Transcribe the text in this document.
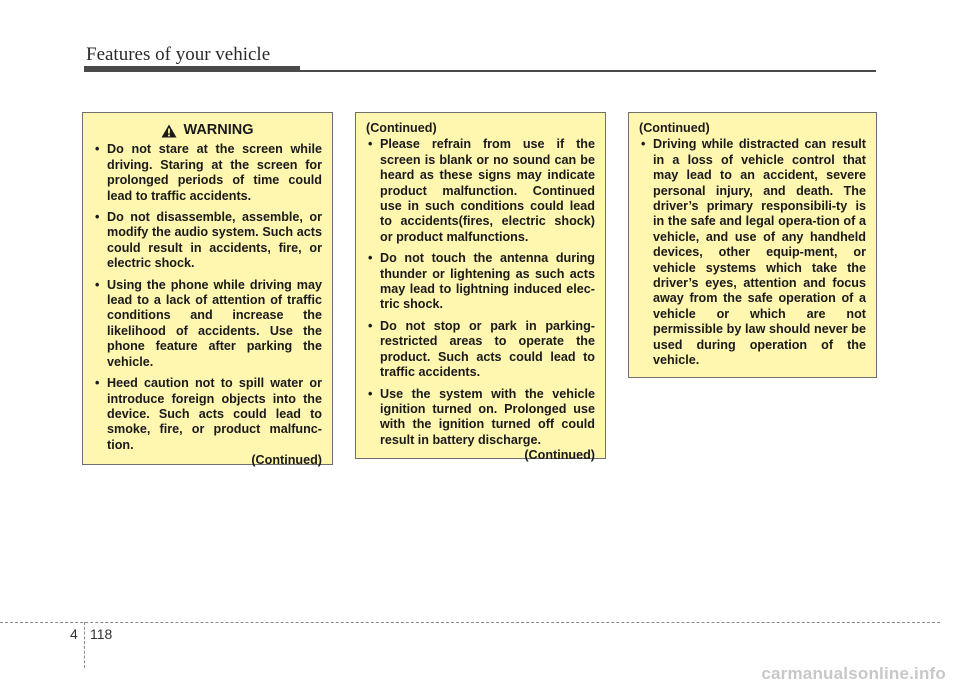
Features of your vehicle
WARNING
• Do not stare at the screen while driving. Staring at the screen for prolonged periods of time could lead to traffic accidents.
• Do not disassemble, assemble, or modify the audio system. Such acts could result in accidents, fire, or electric shock.
• Using the phone while driving may lead to a lack of attention of traffic conditions and increase the likelihood of accidents. Use the phone feature after parking the vehicle.
• Heed caution not to spill water or introduce foreign objects into the device. Such acts could lead to smoke, fire, or product malfunc-tion.
(Continued)
(Continued)
• Please refrain from use if the screen is blank or no sound can be heard as these signs may indicate product malfunction. Continued use in such conditions could lead to accidents(fires, electric shock) or product malfunctions.
• Do not touch the antenna during thunder or lightening as such acts may lead to lightning induced elec-tric shock.
• Do not stop or park in parking-restricted areas to operate the product. Such acts could lead to traffic accidents.
• Use the system with the vehicle ignition turned on. Prolonged use with the ignition turned off could result in battery discharge.
(Continued)
(Continued)
• Driving while distracted can result in a loss of vehicle control that may lead to an accident, severe personal injury, and death. The driver’s primary responsibili-ty is in the safe and legal opera-tion of a vehicle, and use of any handheld devices, other equip-ment, or vehicle systems which take the driver’s eyes, attention and focus away from the safe operation of a vehicle or which are not permissible by law should never be used during operation of the vehicle.
4 118
carmanualsonline.info
